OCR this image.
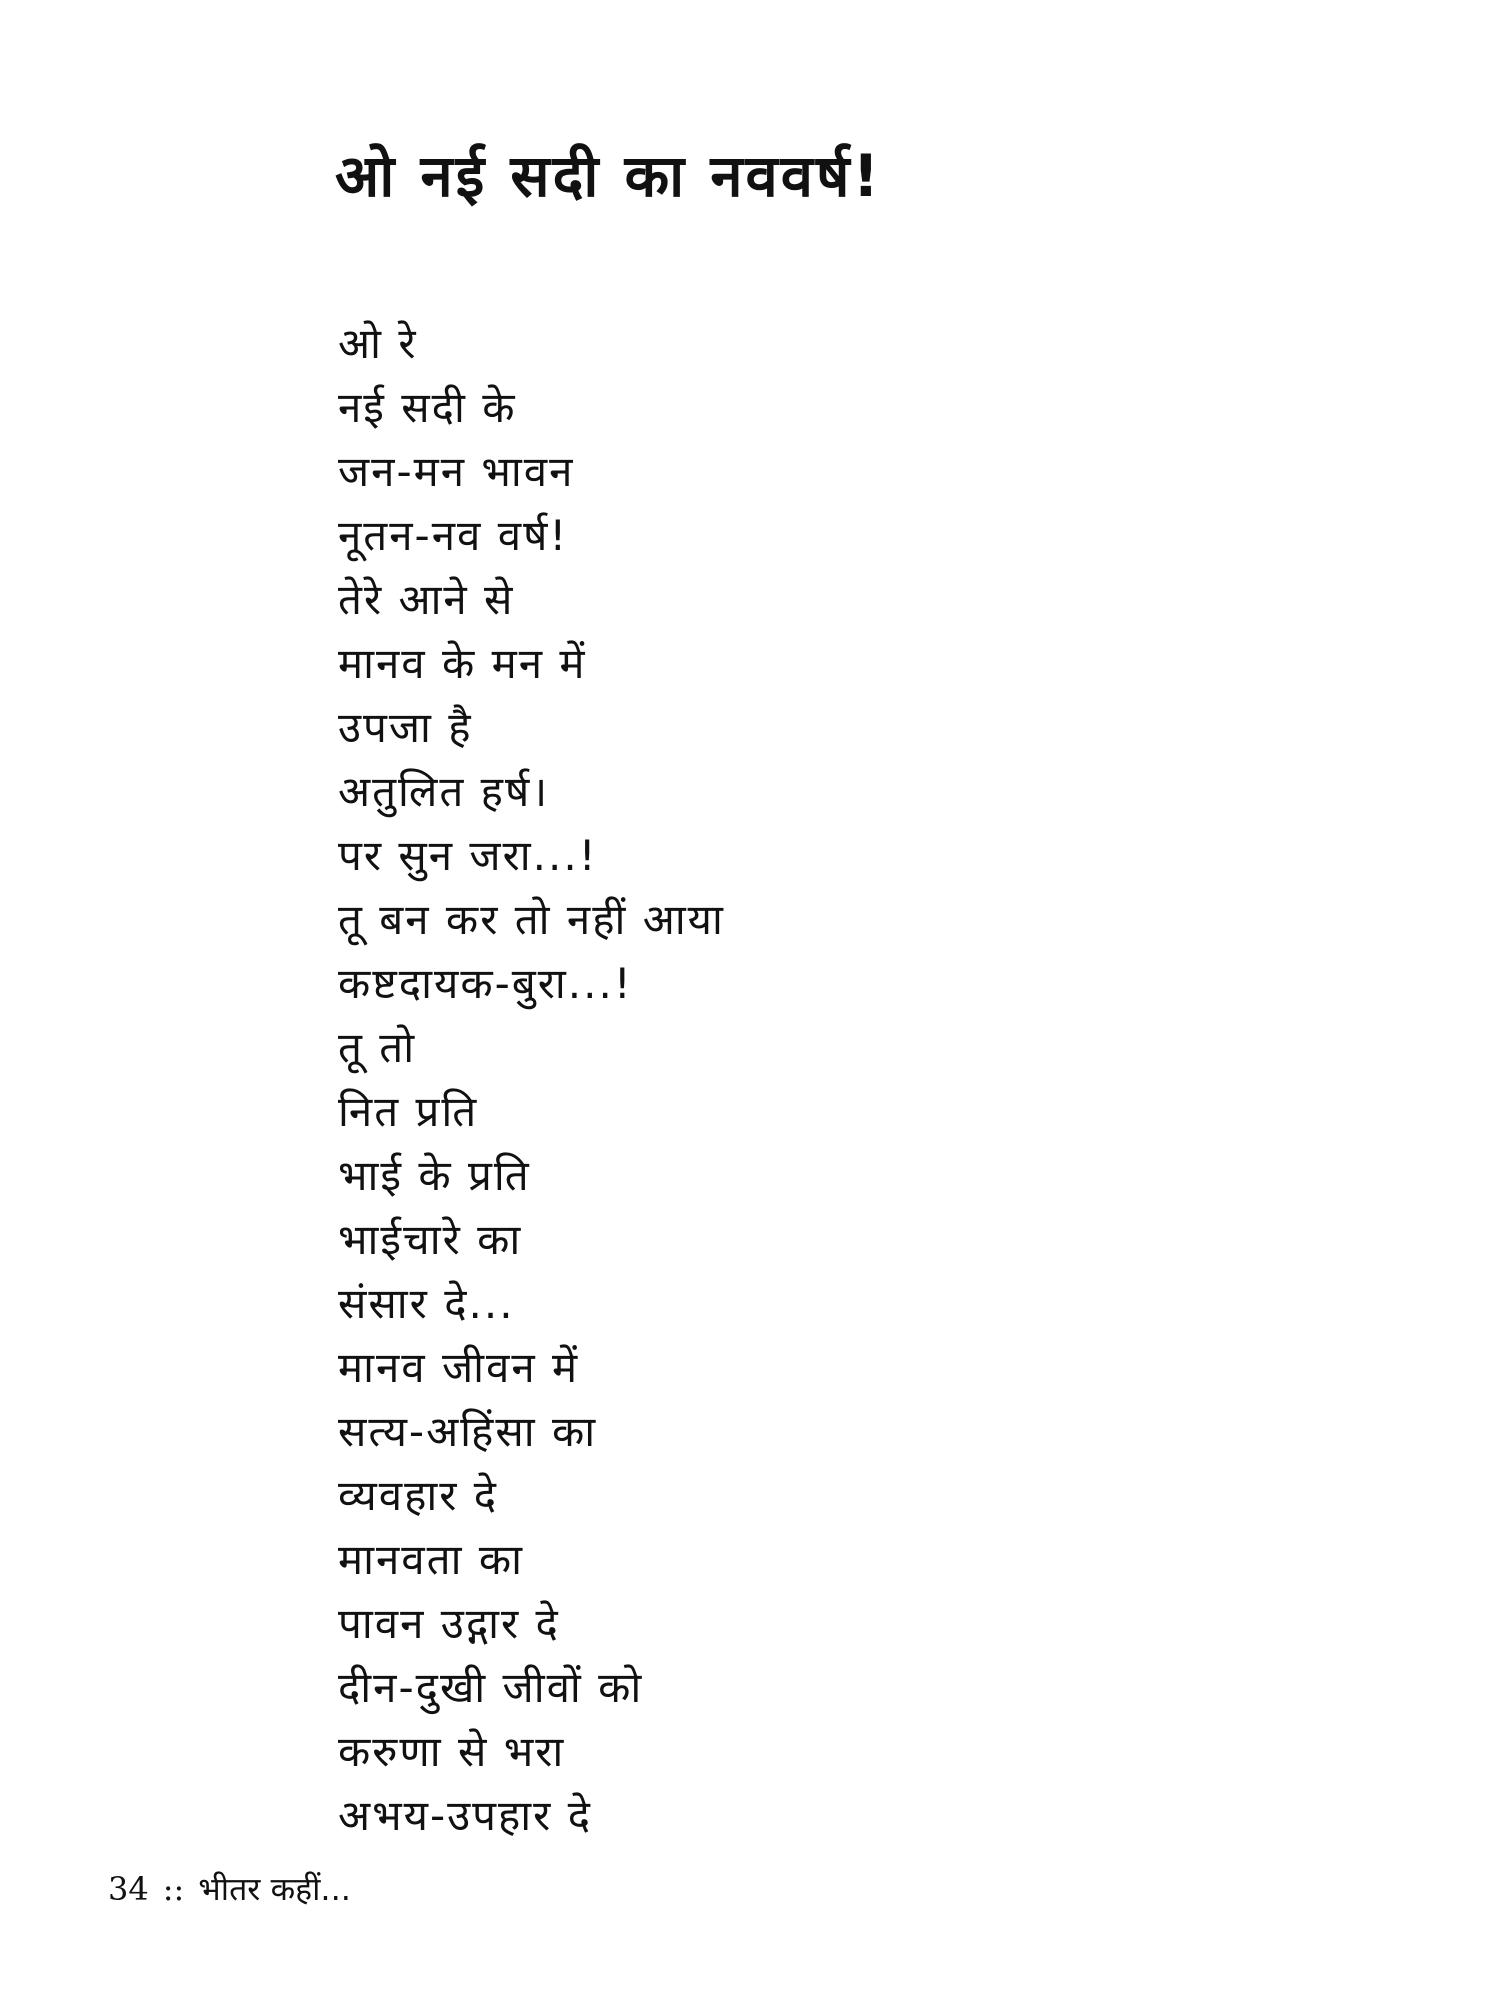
ओ नई सदी का नववर्ष!
ओ रे
नई सदी के
जन-मन भावन
नूतन-नव वर्ष!
तेरे आने से
मानव के मन में
उपजा है
अतुलित हर्ष।
पर सुन जरा...!
तू बन कर तो नहीं आया
कष्टदायक-बुरा...!
तू तो
नित प्रति
भाई के प्रति
भाईचारे का
संसार दे...
मानव जीवन में
सत्य-अहिंसा का
व्यवहार दे
मानवता का
पावन उद्गार दे
दीन-दुखी जीवों को
करुणा से भरा
अभय-उपहार दे
34 :: भीतर कहीं...
